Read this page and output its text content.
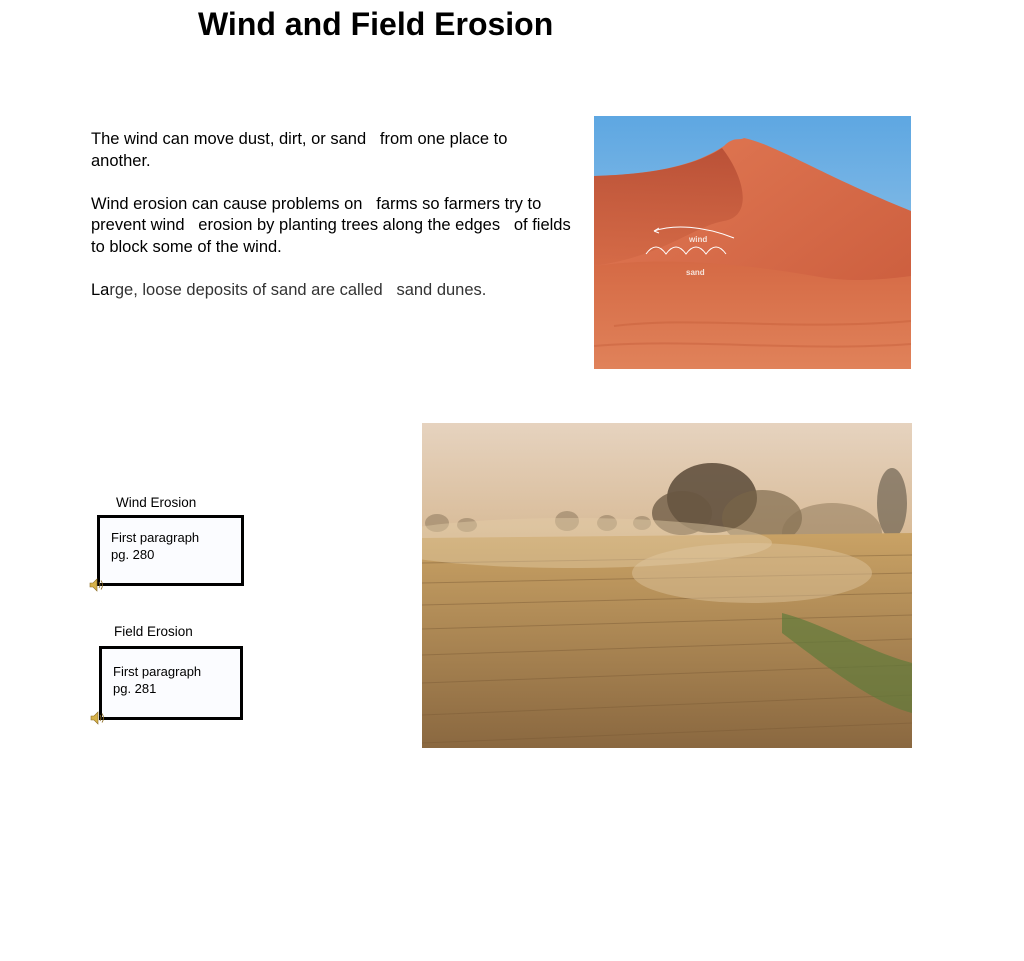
Wind and Field Erosion

The wind can move dust, dirt, or sand   from one place to another.

Wind erosion can cause problems on   farms so farmers try to prevent wind   erosion by planting trees along the edges   of fields to block some of the wind.

Large, loose deposits of sand are called   sand dunes.

wind
sand
Wind Erosion
First paragraph
pg. 280
Field Erosion
First paragraph
pg. 281
